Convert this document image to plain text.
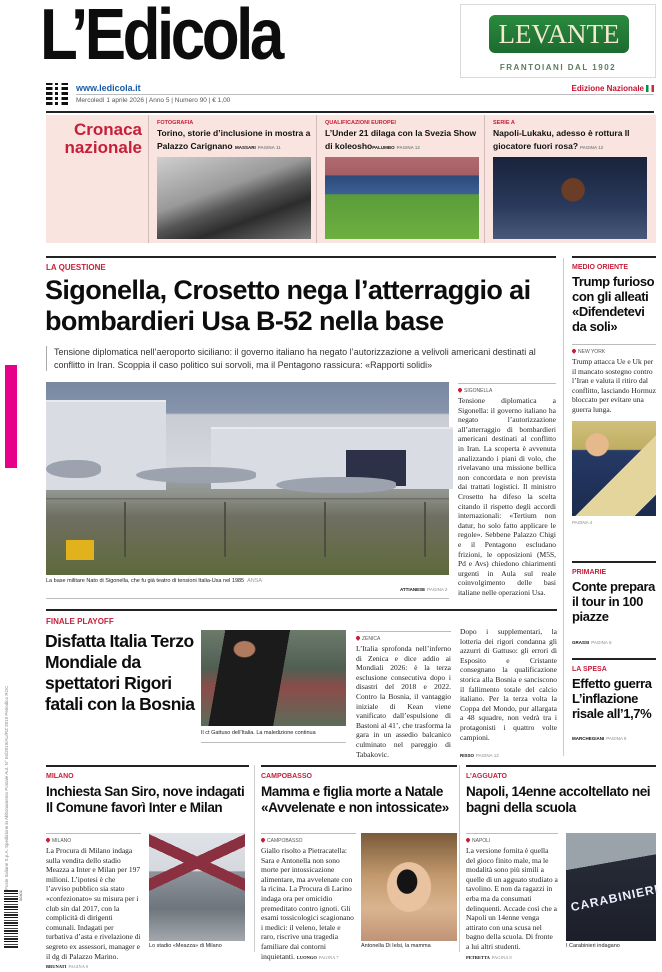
Poste Italiane S.p.A. Spedizione in Abbonamento Postale Aut. N° 04/2019/AU/RZ 2019 Periodico ROC
00401
L’Edicola	LEVANTE
FRANTOIANI DAL 1902
www.ledicola.it	Edizione Nazionale
Mercoledì 1 aprile 2026 | Anno 5 | Numero 90 | € 1,00
Cronaca nazionale
FOTOGRAFIA
Torino, storie d’inclusione in mostra a Palazzo Carignano MASSARI PAGINA 11
QUALIFICAZIONI EUROPEI
L’Under 21 dilaga con la Svezia Show di koleoshoPALUMBO PAGINA 12
SERIE A
Napoli-Lukaku, adesso è rottura Il giocatore fuori rosa? PAGINA 12
LA QUESTIONE
Sigonella, Crosetto nega l’atterraggio ai bombardieri Usa B-52 nella base

Tensione diplomatica nell’aeroporto siciliano: il governo italiano ha negato l’autorizzazione a velivoli americani destinati al conflitto in Iran. Scoppia il caso politico sui sorvoli, ma il Pentagono rassicura: «Rapporti solidi»

La base militare Nato di Sigonella, che fu già teatro di tensioni Italia-Usa nel 1985 ANSA
ATTIANESE PAGINA 2
SIGONELLA

Tensione diplomatica a Sigonella: il governo italiano ha negato l’autorizzazione all’atterraggio di bombardieri americani destinati al conflitto in Iran. La scoperta è avvenuta analizzando i piani di volo, che rivelavano una missione bellica non concordata e non prevista dai trattati logistici. Il ministro Crosetto ha difeso la scelta citando il rispetto degli accordi internazionali: «Tertium non datur, ho solo fatto applicare le regole». Sebbene Palazzo Chigi e il Pentagono escludano frizioni, le opposizioni (M5S, Pd e Avs) chiedono chiarimenti urgenti in Aula sul reale coinvolgimento delle basi italiane nelle operazioni Usa.

MEDIO ORIENTE
Trump furioso con gli alleati «Difendetevi da soli»
NEW YORK

Trump attacca Ue e Uk per il mancato sostegno contro l’Iran e valuta il ritiro dal conflitto, lasciando Hormuz bloccato per evitare una guerra lunga.

PAGINA 4
PRIMARIE
Conte prepara il tour in 100 piazze
GRASSI PAGINA 6
LA SPESA
Effetto guerra L’inflazione risale all’1,7%
MARCHEGIANI PAGINA 9
FINALE PLAYOFF
Disfatta Italia Terzo Mondiale da spettatori Rigori fatali con la Bosnia
Il ct Gattuso dell’Italia. La maledizione continua
ZENICA

L’Italia sprofonda nell’inferno di Zenica e dice addio ai Mondiali 2026: è la terza esclusione consecutiva dopo i disastri del 2018 e 2022. Contro la Bosnia, il vantaggio iniziale di Kean viene vanificato dall’espulsione di Bastoni al 41’, che trasforma la gara in un assedio balcanico culminato nel pareggio di Tabakovic.

Dopo i supplementari, la lotteria dei rigori condanna gli azzurri di Gattuso: gli errori di Esposito e Cristante consegnano la qualificazione storica alla Bosnia e sanciscono il fallimento totale del calcio italiano. Per la terza volta la Coppa del Mondo, pur allargata a 48 squadre, non vedrà tra i protagonisti i quattro volte campioni.

RISSO PAGINA 12
MILANO
Inchiesta San Siro, nove indagati Il Comune favorì Inter e Milan
MILANO

La Procura di Milano indaga sulla vendita dello stadio Meazza a Inter e Milan per 197 milioni. L’ipotesi è che l’avviso pubblico sia stato «confezionato» su misura per i club sin dal 2017, con la complicità di dirigenti comunali. Indagati per turbativa d’asta e rivelazione di segreto ex assessori, manager e il dg di Palazzo Marino. BRUNATI PAGINA 8

Lo stadio «Meazza» di Milano
CAMPOBASSO
Mamma e figlia morte a Natale «Avvelenate e non intossicate»
CAMPOBASSO

Giallo risolto a Pietracatella: Sara e Antonella non sono morte per intossicazione alimentare, ma avvelenate con la ricina. La Procura di Larino indaga ora per omicidio premeditato contro ignoti. Gli esami tossicologici scagionano i medici: il veleno, letale e raro, riscrive una tragedia familiare dai contorni inquietanti. LUONGO PAGINA 7

Antonella Di Ielsi, la mamma
L’AGGUATO
Napoli, 14enne accoltellato nei bagni della scuola
NAPOLI

La versione fornita è quella del gioco finito male, ma le modalità sono più simili a quelle di un agguato studiato a tavolino. E non da ragazzi in erba ma da consumati delinquenti. Accade così che a Napoli un 14enne venga attirato con una scusa nel bagno della scuola. Di fronte a lui altri studenti. PETRETTA PAGINA 8

CARABINIERI
I Carabinieri indagano
